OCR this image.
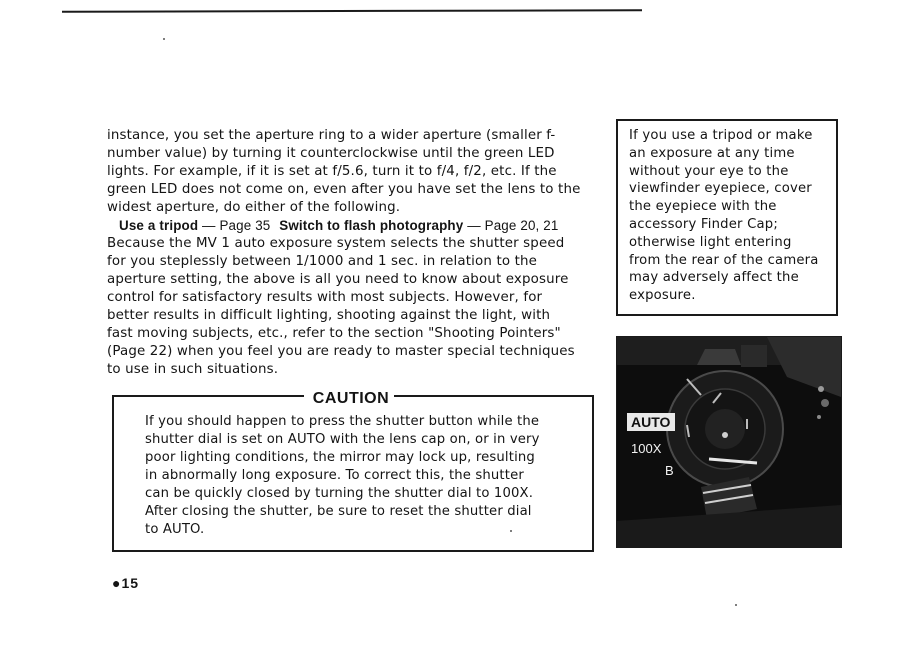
instance, you set the aperture ring to a wider aperture (smaller f-

number value) by turning it counterclockwise until the green LED

lights. For example, if it is set at f/5.6, turn it to f/4, f/2, etc. If the

green LED does not come on, even after you have set the lens to the

widest aperture, do either of the following.

Use a tripod — Page 35 Switch to flash photography — Page 20, 21

Because the MV 1 auto exposure system selects the shutter speed

for you steplessly between 1/1000 and 1 sec. in relation to the

aperture setting, the above is all you need to know about exposure

control for satisfactory results with most subjects. However, for

better results in difficult lighting, shooting against the light, with

fast moving subjects, etc., refer to the section "Shooting Pointers"

(Page 22) when you feel you are ready to master special techniques

to use in such situations.

CAUTION
If you should happen to press the shutter button while the
shutter dial is set on AUTO with the lens cap on, or in very
poor lighting conditions, the mirror may lock up, resulting
in abnormally long exposure. To correct this, the shutter
can be quickly closed by turning the shutter dial to 100X.
After closing the shutter, be sure to reset the shutter dial
to AUTO.
If you use a tripod or make
an exposure at any time
without your eye to the
viewfinder eyepiece, cover
the eyepiece with the
accessory Finder Cap;
otherwise light entering
from the rear of the camera
may adversely affect the
exposure.
AUTO
100X
B
●15
